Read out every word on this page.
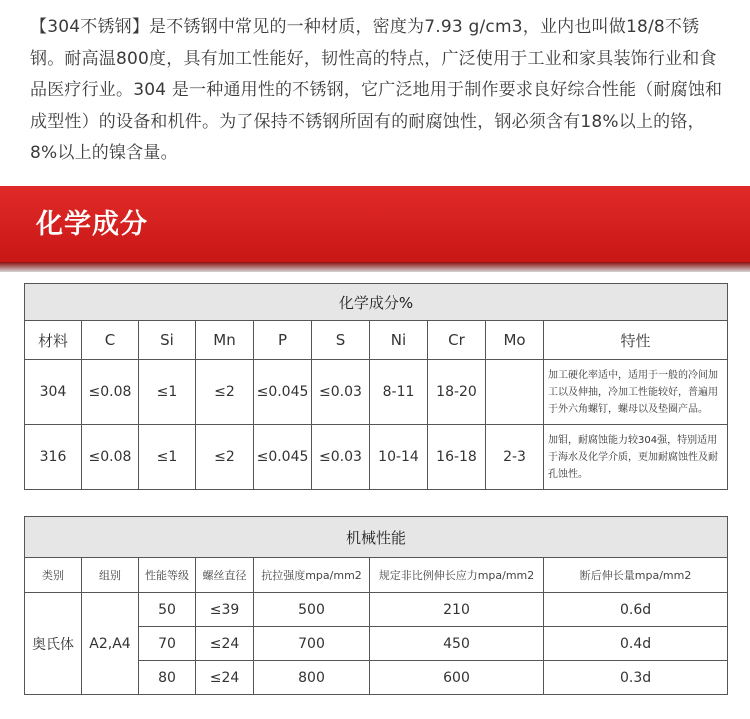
【304不锈钢】是不锈钢中常见的一种材质，密度为7.93 g/cm3，业内也叫做18/8不锈钢。耐高温800度，具有加工性能好，韧性高的特点，广泛使用于工业和家具装饰行业和食品医疗行业。304 是一种通用性的不锈钢，它广泛地用于制作要求良好综合性能（耐腐蚀和成型性）的设备和机件。为了保持不锈钢所固有的耐腐蚀性，钢必须含有18%以上的铬，8%以上的镍含量。

化学成分
化学成分%									
材料	C	Si	Mn	P	S	Ni	Cr	Mo	特性
304	≤0.08	≤1	≤2	≤0.045	≤0.03	8-11	18-20		加工硬化率适中，适用于一般的冷间加工以及伸抽，冷加工性能较好，普遍用于外六角螺钉，螺母以及垫圈产品。
316	≤0.08	≤1	≤2	≤0.045	≤0.03	10-14	16-18	2-3	加钼，耐腐蚀能力较304强，特别适用于海水及化学介质，更加耐腐蚀性及耐孔蚀性。
机械性能						
类别	组别	性能等级	螺丝直径	抗拉强度mpa/mm2	规定非比例伸长应力mpa/mm2	断后伸长量mpa/mm2
奥氏体	A2,A4	50	≤39	500	210	0.6d
		70	≤24	700	450	0.4d
		80	≤24	800	600	0.3d
